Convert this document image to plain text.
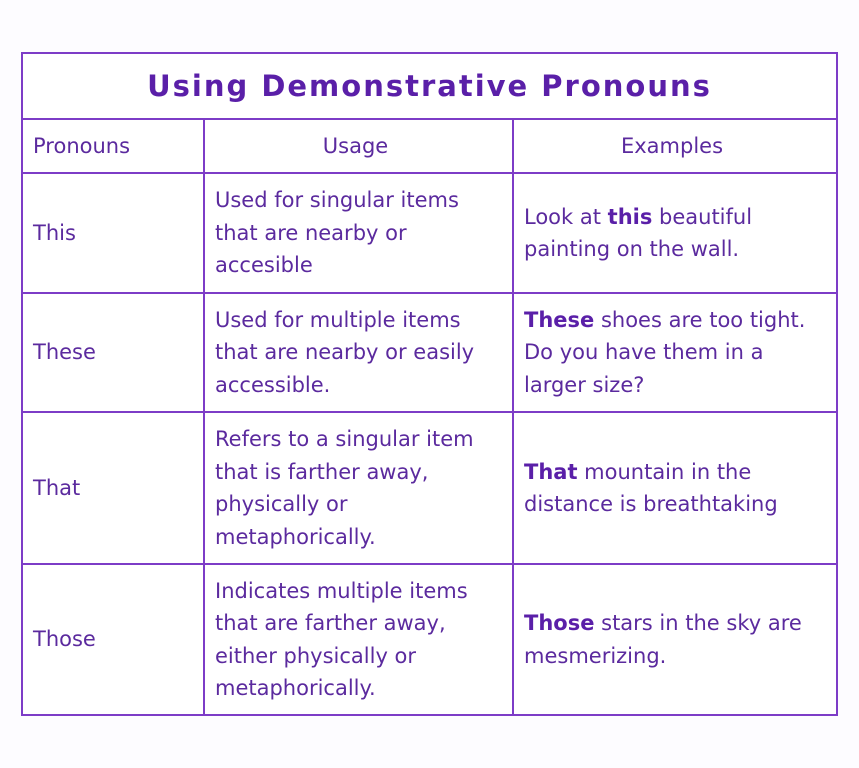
Using Demonstrative Pronouns
Pronouns	Usage	Examples
This
Used for singular items that are nearby or accesible
Look at this beautiful painting on the wall.
These
Used for multiple items that are nearby or easily accessible.
These shoes are too tight. Do you have them in a larger size?
That
Refers to a singular item that is farther away, physically or metaphorically.
That mountain in the distance is breathtaking
Those
Indicates multiple items that are farther away, either physically or metaphorically.
Those stars in the sky are mesmerizing.
